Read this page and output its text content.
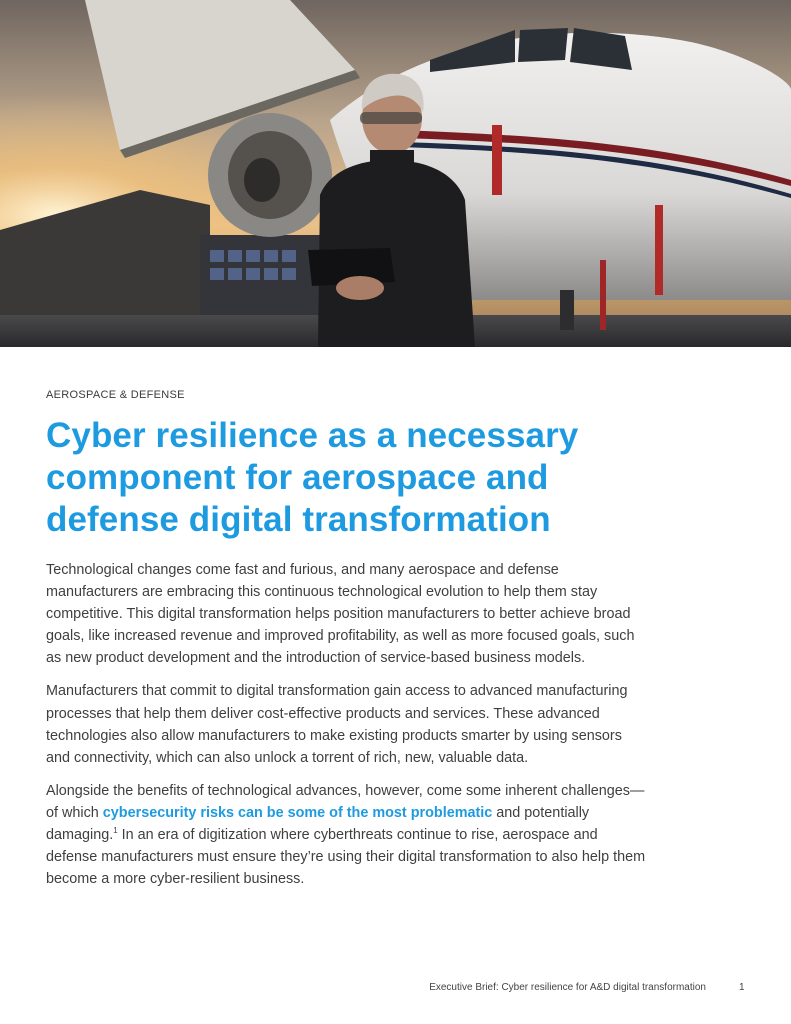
AEROSPACE & DEFENSE

Cyber resilience as a necessary
component for aerospace and
defense digital transformation

Technological changes come fast and furious, and many aerospace and defense manufacturers are embracing this continuous technological evolution to help them stay competitive. This digital transformation helps position manufacturers to better achieve broad goals, like increased revenue and improved profitability, as well as more focused goals, such as new product development and the introduction of service-based business models.

Manufacturers that commit to digital transformation gain access to advanced manufacturing processes that help them deliver cost-effective products and services. These advanced technologies also allow manufacturers to make existing products smarter by using sensors and connectivity, which can also unlock a torrent of rich, new, valuable data.

Alongside the benefits of technological advances, however, come some inherent challenges—of which cybersecurity risks can be some of the most problematic and potentially damaging.$^1$ In an era of digitization where cyberthreats continue to rise, aerospace and defense manufacturers must ensure they’re using their digital transformation to also help them become a more cyber-resilient business.

Executive Brief: Cyber resilience for A&D digital transformation	1
